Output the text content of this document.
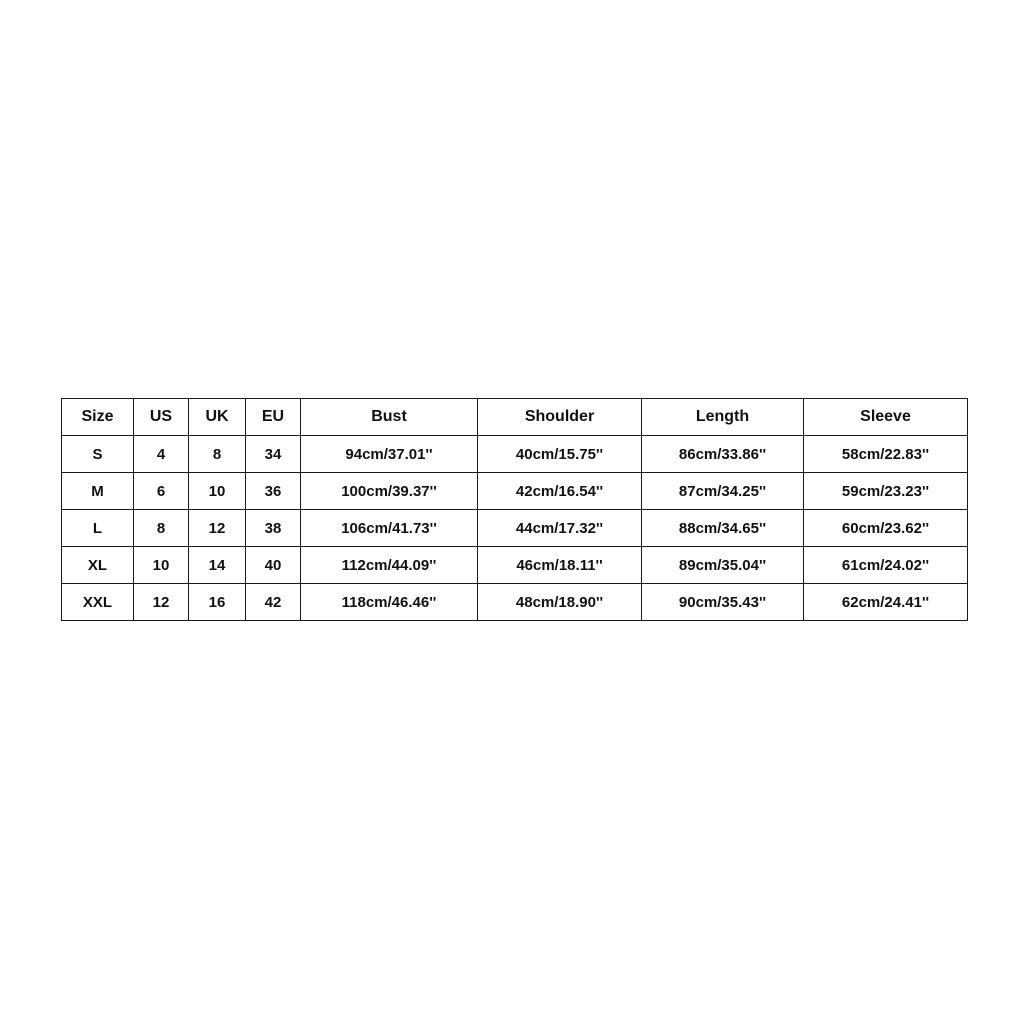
Size	US	UK	EU	Bust	Shoulder	Length	Sleeve
S	4	8	34	94cm/37.01''	40cm/15.75''	86cm/33.86''	58cm/22.83''
M	6	10	36	100cm/39.37''	42cm/16.54''	87cm/34.25''	59cm/23.23''
L	8	12	38	106cm/41.73''	44cm/17.32''	88cm/34.65''	60cm/23.62''
XL	10	14	40	112cm/44.09''	46cm/18.11''	89cm/35.04''	61cm/24.02''
XXL	12	16	42	118cm/46.46''	48cm/18.90''	90cm/35.43''	62cm/24.41''
